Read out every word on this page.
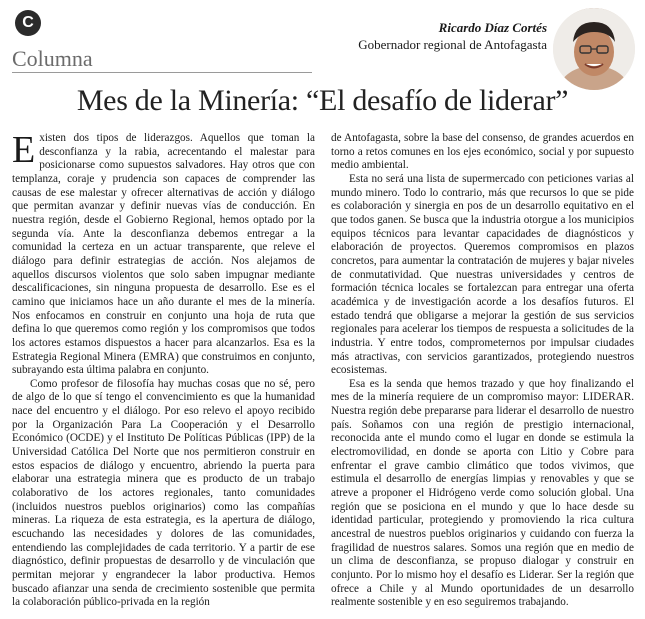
C
Columna
Ricardo Díaz Cortés
Gobernador regional de Antofagasta
Mes de la Minería: “El desafío de liderar”

Existen dos tipos de liderazgos. Aquellos que toman la desconfianza y la rabia, acrecentando el malestar para posicionarse como supuestos salvadores. Hay otros que con templanza, coraje y prudencia son capaces de comprender las causas de ese malestar y ofrecer alternativas de acción y diálogo que permitan avanzar y definir nuevas vías de conducción. En nuestra región, desde el Gobierno Regional, hemos optado por la segunda vía. Ante la desconfianza debemos entregar a la comunidad la certeza en un actuar transparente, que releve el diálogo para definir estrategias de acción. Nos alejamos de aquellos discursos violentos que solo saben impugnar mediante descalificaciones, sin ninguna propuesta de desarrollo. Ese es el camino que iniciamos hace un año durante el mes de la minería. Nos enfocamos en construir en conjunto una hoja de ruta que defina lo que queremos como región y los compromisos que todos los actores estamos dispuestos a hacer para alcanzarlos. Esa es la Estrategia Regional Minera (EMRA) que construimos en conjunto, subrayando esta última palabra en conjunto.

Como profesor de filosofía hay muchas cosas que no sé, pero de algo de lo que sí tengo el convencimiento es que la humanidad nace del encuentro y el diálogo. Por eso relevo el apoyo recibido por la Organización Para La Cooperación y el Desarrollo Económico (OCDE) y el Instituto De Políticas Públicas (IPP) de la Universidad Católica Del Norte que nos permitieron construir en estos espacios de diálogo y encuentro, abriendo la puerta para elaborar una estrategia minera que es producto de un trabajo colaborativo de los actores regionales, tanto comunidades (incluidos nuestros pueblos originarios) como las compañías mineras. La riqueza de esta estrategia, es la apertura de diálogo, escuchando las necesidades y dolores de las comunidades, entendiendo las complejidades de cada territorio. Y a partir de ese diagnóstico, definir propuestas de desarrollo y de vinculación que permitan mejorar y engrandecer la labor productiva. Hemos buscado afianzar una senda de crecimiento sostenible que permita la colaboración público-privada en la región

de Antofagasta, sobre la base del consenso, de grandes acuerdos en torno a retos comunes en los ejes económico, social y por supuesto medio ambiental.

Esta no será una lista de supermercado con peticiones varias al mundo minero. Todo lo contrario, más que recursos lo que se pide es colaboración y sinergia en pos de un desarrollo equitativo en el que todos ganen. Se busca que la industria otorgue a los municipios equipos técnicos para levantar capacidades de diagnósticos y elaboración de proyectos. Queremos compromisos en plazos concretos, para aumentar la contratación de mujeres y bajar niveles de conmutatividad. Que nuestras universidades y centros de formación técnica locales se fortalezcan para entregar una oferta académica y de investigación acorde a los desafíos futuros. El estado tendrá que obligarse a mejorar la gestión de sus servicios regionales para acelerar los tiempos de respuesta a solicitudes de la industria. Y entre todos, comprometernos por impulsar ciudades más atractivas, con servicios garantizados, protegiendo nuestros ecosistemas.

Esa es la senda que hemos trazado y que hoy finalizando el mes de la minería requiere de un compromiso mayor: LIDERAR. Nuestra región debe prepararse para liderar el desarrollo de nuestro país. Soñamos con una región de prestigio internacional, reconocida ante el mundo como el lugar en donde se estimula la electromovilidad, en donde se aporta con Litio y Cobre para enfrentar el grave cambio climático que todos vivimos, que estimula el desarrollo de energías limpias y renovables y que se atreve a proponer el Hidrógeno verde como solución global. Una región que se posiciona en el mundo y que lo hace desde su identidad particular, protegiendo y promoviendo la rica cultura ancestral de nuestros pueblos originarios y cuidando con fuerza la fragilidad de nuestros salares. Somos una región que en medio de un clima de desconfianza, se propuso dialogar y construir en conjunto. Por lo mismo hoy el desafío es Liderar. Ser la región que ofrece a Chile y al Mundo oportunidades de un desarrollo realmente sostenible y en eso seguiremos trabajando.
